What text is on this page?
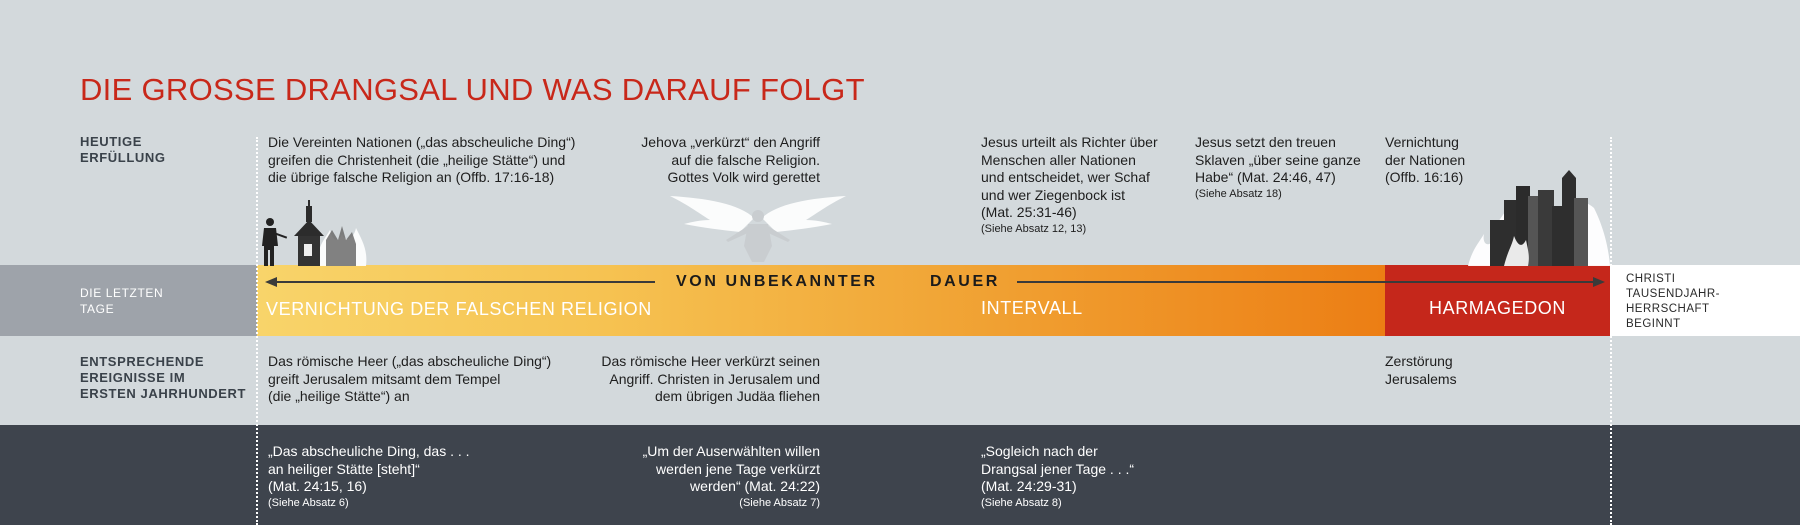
DIE GROSSE DRANGSAL UND WAS DARAUF FOLGT
HEUTIGE
ERFÜLLUNG
DIE LETZTEN
TAGE
Die Vereinten Nationen („das abscheuliche Ding“)
greifen die Christenheit (die „heilige Stätte“) und
die übrige falsche Religion an (Offb. 17:16-18)
Jehova „verkürzt“ den Angriff
auf die falsche Religion.
Gottes Volk wird gerettet
Jesus urteilt als Richter über
Menschen aller Nationen
und entscheidet, wer Schaf
und wer Ziegenbock ist
(Mat. 25:31-46)
(Siehe Absatz 12, 13)
Jesus setzt den treuen
Sklaven „über seine ganze
Habe“ (Mat. 24:46, 47)
(Siehe Absatz 18)
Vernichtung
der Nationen
(Offb. 16:16)
VON UNBEKANNTER	DAUER
VERNICHTUNG DER FALSCHEN RELIGION	INTERVALL	HARMAGEDON
CHRISTI
TAUSENDJAHR-
HERRSCHAFT
BEGINNT
ENTSPRECHENDE
EREIGNISSE IM
ERSTEN JAHRHUNDERT
Das römische Heer („das abscheuliche Ding“)
greift Jerusalem mitsamt dem Tempel
(die „heilige Stätte“) an
Das römische Heer verkürzt seinen
Angriff. Christen in Jerusalem und
dem übrigen Judäa fliehen
Zerstörung
Jerusalems
„Das abscheuliche Ding, das . . .
an heiliger Stätte [steht]“
(Mat. 24:15, 16)
(Siehe Absatz 6)
„Um der Auserwählten willen
werden jene Tage verkürzt
werden“ (Mat. 24:22)
(Siehe Absatz 7)
„Sogleich nach der
Drangsal jener Tage . . .“
(Mat. 24:29-31)
(Siehe Absatz 8)
